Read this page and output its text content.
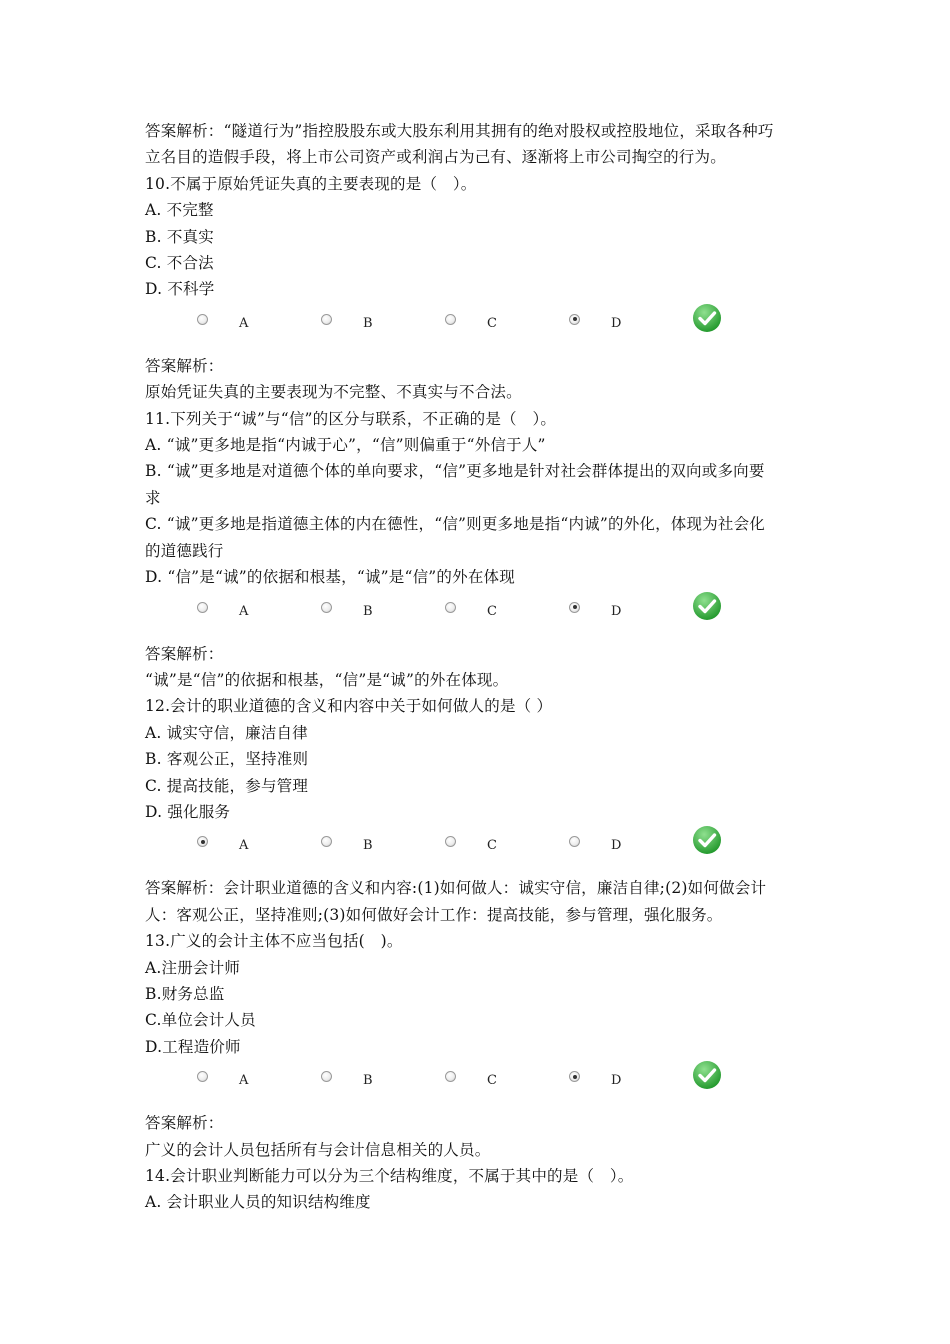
答案解析：“隧道行为”指控股股东或大股东利用其拥有的绝对股权或控股地位，采取各种巧
立名目的造假手段，将上市公司资产或利润占为己有、逐渐将上市公司掏空的行为。
10.不属于原始凭证失真的主要表现的是（　）。
A. 不完整
B. 不真实
C. 不合法
D. 不科学
A	B	C	D
答案解析：
原始凭证失真的主要表现为不完整、不真实与不合法。
11.下列关于“诚”与“信”的区分与联系，不正确的是（　）。
A. “诚”更多地是指“内诚于心”，“信”则偏重于“外信于人”
B. “诚”更多地是对道德个体的单向要求，“信”更多地是针对社会群体提出的双向或多向要
求
C. “诚”更多地是指道德主体的内在德性，“信”则更多地是指“内诚”的外化，体现为社会化
的道德践行
D. “信”是“诚”的依据和根基，“诚”是“信”的外在体现
A	B	C	D
答案解析：
“诚”是“信”的依据和根基，“信”是“诚”的外在体现。
12.会计的职业道德的含义和内容中关于如何做人的是（ ）
A. 诚实守信，廉洁自律
B. 客观公正，坚持准则
C. 提高技能，参与管理
D. 强化服务
A	B	C	D
答案解析：会计职业道德的含义和内容:(1)如何做人：诚实守信，廉洁自律;(2)如何做会计
人：客观公正，坚持准则;(3)如何做好会计工作：提高技能，参与管理，强化服务。
13.广义的会计主体不应当包括(　)。
A.注册会计师
B.财务总监
C.单位会计人员
D.工程造价师
A	B	C	D
答案解析：
广义的会计人员包括所有与会计信息相关的人员。
14.会计职业判断能力可以分为三个结构维度，不属于其中的是（　）。
A. 会计职业人员的知识结构维度
